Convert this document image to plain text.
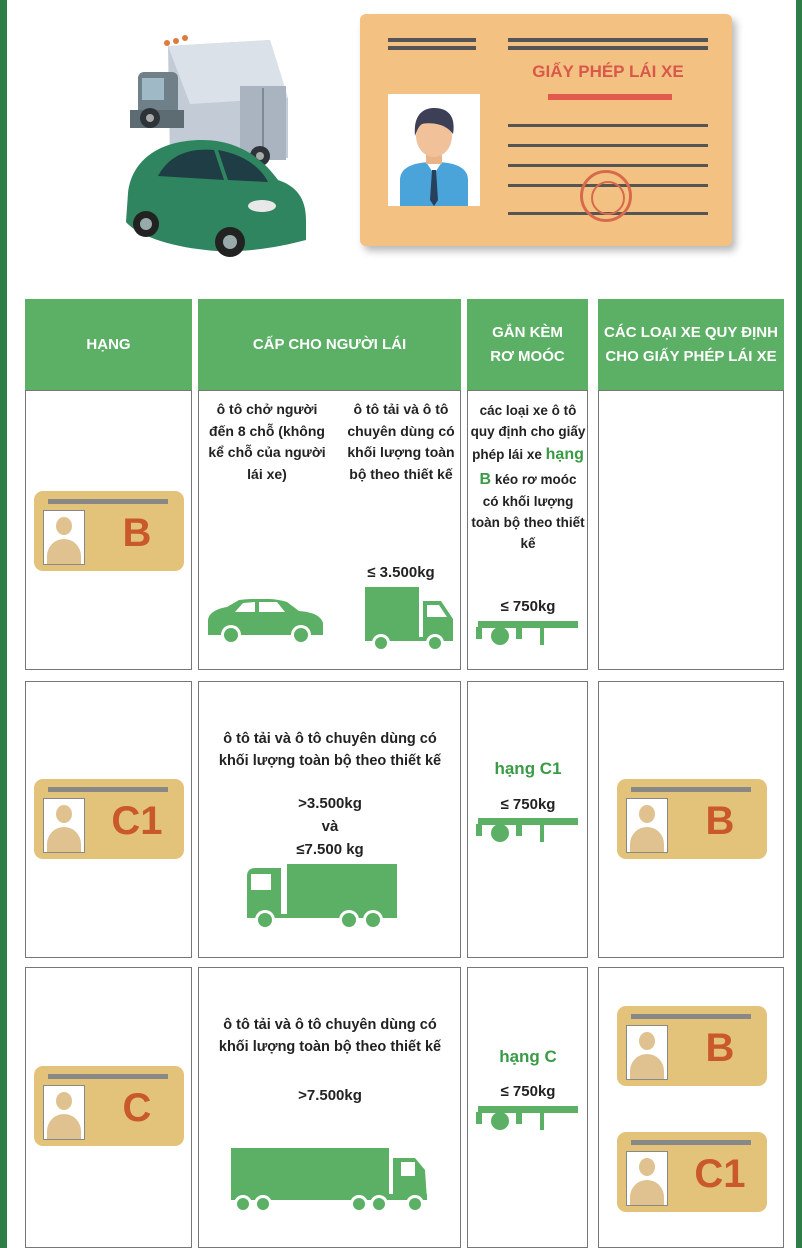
GIẤY PHÉP LÁI XE
HẠNG	CẤP CHO NGƯỜI LÁI
GẮN KÈM RƠ MOÓC
CÁC LOẠI XE QUY ĐỊNH CHO GIẤY PHÉP LÁI XE
B
ô tô chở người đến 8 chỗ (không kể chỗ của người lái xe)
ô tô tải và ô tô chuyên dùng có khối lượng toàn bộ theo thiết kế
≤ 3.500kg
các loại xe ô tô quy định cho giấy phép lái xe hạng B kéo rơ moóc có khối lượng toàn bộ theo thiết kế
≤ 750kg
C1
ô tô tải và ô tô chuyên dùng có khối lượng toàn bộ theo thiết kế
>3.500kg
và
≤7.500 kg
hạng C1
≤ 750kg	B
C
ô tô tải và ô tô chuyên dùng có khối lượng toàn bộ theo thiết kế
>7.500kg
hạng C
≤ 750kg
B
C1
